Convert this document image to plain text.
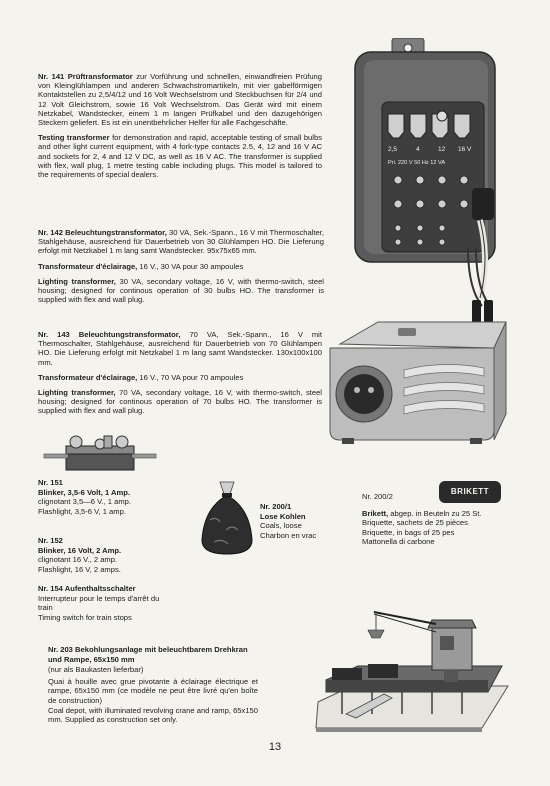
Nr. 141 Prüftransformator zur Vorführung und schnellen, einwandfreien Prüfung von Kleinglühlampen und anderen Schwachstromartikeln, mit vier gabelförmigen Kontaktstellen zu 2,5/4/12 und 16 Volt Wechselstrom und Steckbuchsen für 2/4 und 12 Volt Gleichstrom, sowie 16 Volt Wechselstrom. Das Gerät wird mit einem Netzkabel, Wandstecker, einem 1 m langen Prüfkabel und den dazugehörigen Steckern geliefert. Es ist ein unentbehrlicher Helfer für alle Fachgeschäfte.

Testing transformer for demonstration and rapid, acceptable testing of small bulbs and other light current equipment, with 4 fork-type contacts 2.5, 4, 12 and 16 V AC and sockets for 2, 4 and 12 V DC, as well as 16 V AC. The transformer is supplied with flex, wall plug, 1 metre testing cable including plugs. This model is tailored to the requirements of special dealers.

2,5	4	12 16 V
Pri. 220 V 50 Hz 12 VA

Nr. 142 Beleuchtungstransformator, 30 VA, Sek.-Spann., 16 V mit Thermoschalter, Stahlgehäuse, ausreichend für Dauerbetrieb von 30 Glühlampen HO. Die Lieferung erfolgt mit Netzkabel 1 m lang samt Wandstecker. 95x75x65 mm.

Transformateur d'éclairage, 16 V., 30 VA pour 30 ampoules

Lighting transformer, 30 VA, secondary voltage, 16 V, with thermo-switch, steel housing; designed for continous operation of 30 bulbs HO. The transformer is supplied with flex and wall plug.

Nr. 143 Beleuchtungstransformator, 70 VA, Sek.-Spann., 16 V mit Thermoschalter, Stahlgehäuse, ausreichend für Dauerbetrieb von 70 Glühlampen HO. Die Lieferung erfolgt mit Netzkabel 1 m lang samt Wandstecker. 130x100x100 mm.

Transformateur d'éclairage, 16 V., 70 VA pour 70 ampoules

Lighting transformer, 70 VA, secondary voltage, 16 V, with thermo-switch, steel housing; designed for continous operation of 70 bulbs HO. The transformer is supplied with flex and wall plug.

Nr. 151
Blinker, 3,5-6 Volt, 1 Amp.
clignotant 3,5—6 V., 1 amp.
Flashlight, 3,5-6 V, 1 amp.
Nr. 152
Blinker, 16 Volt, 2 Amp.
clignotant 16 V., 2 amp.
Flashlight, 16 V, 2 amps.
Nr. 154 Aufenthaltsschalter
Interrupteur pour le temps d'arrêt du train
Timing switch for train stops
Nr. 200/1
Lose Kohlen
Coals, loose
Charbon en vrac
BRIKETT
Nr. 200/2
Brikett, abgep. in Beuteln zu 25 St.
Briquette, sachets de 25 pièces
Briquette, in bags of 25 pes
Mattonella di carbone
Nr. 203 Bekohlungsanlage mit beleuchtbarem Drehkran und Rampe, 65x150 mm
(nur als Baukasten lieferbar)
Quai à houille avec grue pivotante à éclairage électrique et rampe, 65x150 mm (ce modèle ne peut être livré qu'en boîte de construction)
Coal depot, with illuminated revolving crane and ramp, 65x150 mm. Supplied as construction set only.
13
